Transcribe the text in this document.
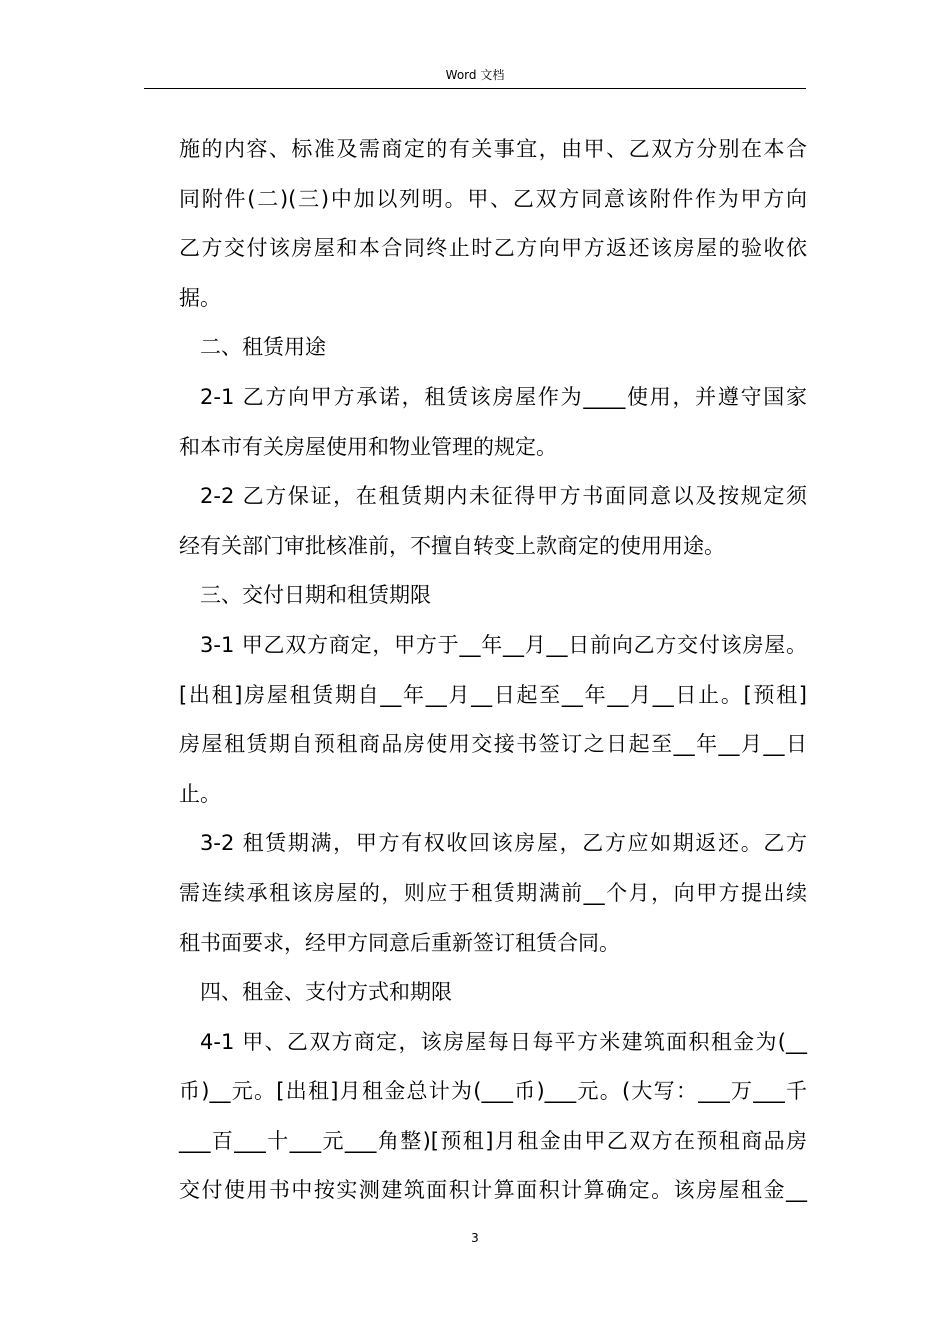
Word 文档
施的内容、标准及需商定的有关事宜，由甲、乙双方分别在本合
同附件(二)(三)中加以列明。甲、乙双方同意该附件作为甲方向
乙方交付该房屋和本合同终止时乙方向甲方返还该房屋的验收依
据。
二、租赁用途
2-1 乙方向甲方承诺，租赁该房屋作为____使用，并遵守国家
和本市有关房屋使用和物业管理的规定。
2-2 乙方保证，在租赁期内未征得甲方书面同意以及按规定须
经有关部门审批核准前，不擅自转变上款商定的使用用途。
三、交付日期和租赁期限
3-1 甲乙双方商定，甲方于__年__月__日前向乙方交付该房屋。
[出租]房屋租赁期自__年__月__日起至__年__月__日止。[预租]
房屋租赁期自预租商品房使用交接书签订之日起至__年__月__日
止。
3-2 租赁期满，甲方有权收回该房屋，乙方应如期返还。乙方
需连续承租该房屋的，则应于租赁期满前__个月，向甲方提出续
租书面要求，经甲方同意后重新签订租赁合同。
四、租金、支付方式和期限
4-1 甲、乙双方商定，该房屋每日每平方米建筑面积租金为(__
币)__元。[出租]月租金总计为(___币)___元。(大写：___万___千
___百___十___元___角整)[预租]月租金由甲乙双方在预租商品房
交付使用书中按实测建筑面积计算面积计算确定。该房屋租金__
3
